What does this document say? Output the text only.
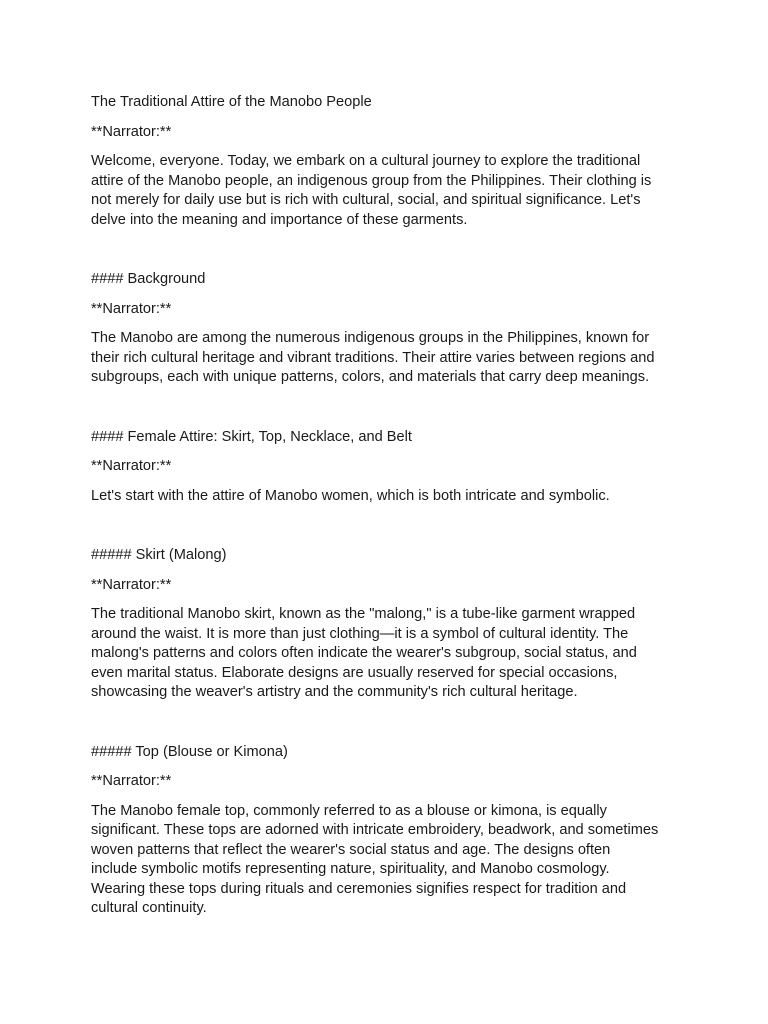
The Traditional Attire of the Manobo People

**Narrator:**

Welcome, everyone. Today, we embark on a cultural journey to explore the traditional
attire of the Manobo people, an indigenous group from the Philippines. Their clothing is
not merely for daily use but is rich with cultural, social, and spiritual significance. Let's
delve into the meaning and importance of these garments.

#### Background

**Narrator:**

The Manobo are among the numerous indigenous groups in the Philippines, known for
their rich cultural heritage and vibrant traditions. Their attire varies between regions and
subgroups, each with unique patterns, colors, and materials that carry deep meanings.

#### Female Attire: Skirt, Top, Necklace, and Belt

**Narrator:**

Let's start with the attire of Manobo women, which is both intricate and symbolic.

##### Skirt (Malong)

**Narrator:**

The traditional Manobo skirt, known as the "malong," is a tube-like garment wrapped
around the waist. It is more than just clothing—it is a symbol of cultural identity. The
malong's patterns and colors often indicate the wearer's subgroup, social status, and
even marital status. Elaborate designs are usually reserved for special occasions,
showcasing the weaver's artistry and the community's rich cultural heritage.

##### Top (Blouse or Kimona)

**Narrator:**

The Manobo female top, commonly referred to as a blouse or kimona, is equally
significant. These tops are adorned with intricate embroidery, beadwork, and sometimes
woven patterns that reflect the wearer's social status and age. The designs often
include symbolic motifs representing nature, spirituality, and Manobo cosmology.
Wearing these tops during rituals and ceremonies signifies respect for tradition and
cultural continuity.
